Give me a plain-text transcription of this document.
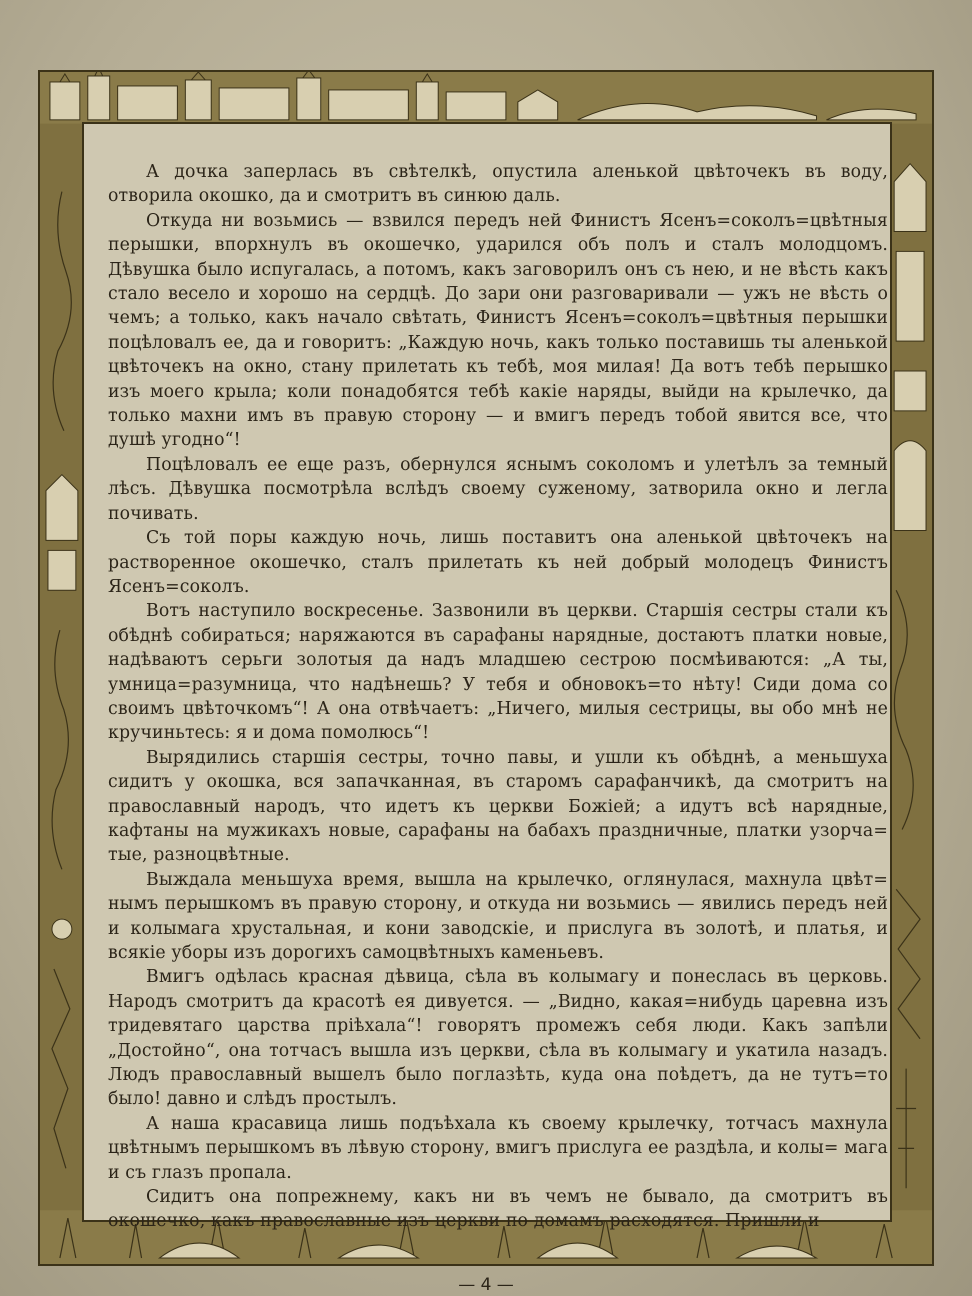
А дочка заперлась въ свѣтелкѣ, опустила аленькой цвѣточекъ въ воду, отворила окошко, да и смотритъ въ синюю даль.

Откуда ни возьмись — взвился передъ ней Финистъ Ясенъ=соколъ=цвѣтныя перышки, впорхнулъ въ окошечко, ударился объ полъ и сталъ молодцомъ. Дѣвушка было испугалась, а потомъ, какъ заговорилъ онъ съ нею, и не вѣсть какъ стало весело и хорошо на сердцѣ. До зари они разговаривали — ужъ не вѣсть о чемъ; а только, какъ начало свѣтать, Финистъ Ясенъ=соколъ=цвѣтныя перышки поцѣловалъ ее, да и говоритъ: „Каждую ночь, какъ только поставишь ты аленькой цвѣточекъ на окно, стану прилетать къ тебѣ, моя милая! Да вотъ тебѣ перышко изъ моего крыла; коли понадобятся тебѣ какіе наряды, выйди на крылечко, да только махни имъ въ правую сторону — и вмигъ передъ тобой явится все, что душѣ угодно“!

Поцѣловалъ ее еще разъ, обернулся яснымъ соколомъ и улетѣлъ за темный лѣсъ. Дѣвушка посмотрѣла вслѣдъ своему суженому, затворила окно и легла почивать.

Съ той поры каждую ночь, лишь поставитъ она аленькой цвѣточекъ на растворенное окошечко, сталъ прилетать къ ней добрый молодецъ Финистъ Ясенъ=соколъ.

Вотъ наступило воскресенье. Зазвонили въ церкви. Старшія сестры стали къ обѣднѣ собираться; наряжаются въ сарафаны нарядные, достаютъ платки новые, надѣваютъ серьги золотыя да надъ младшею сестрою посмѣиваются: „А ты, умница=разумница, что надѣнешь? У тебя и обновокъ=то нѣту! Сиди дома со своимъ цвѣточкомъ“! А она отвѣчаетъ: „Ничего, милыя сестрицы, вы обо мнѣ не кручиньтесь: я и дома помолюсь“!

Вырядились старшія сестры, точно павы, и ушли къ обѣднѣ, а меньшуха сидитъ у окошка, вся запачканная, въ старомъ сарафанчикѣ, да смотритъ на православный народъ, что идетъ къ церкви Божіей; а идутъ всѣ нарядные, кафтаны на мужикахъ новые, сарафаны на бабахъ праздничные, платки узорча= тые, разноцвѣтные.

Выждала меньшуха время, вышла на крылечко, оглянулася, махнула цвѣт= нымъ перышкомъ въ правую сторону, и откуда ни возьмись — явились передъ ней и колымага хрустальная, и кони заводскіе, и прислуга въ золотѣ, и платья, и всякіе уборы изъ дорогихъ самоцвѣтныхъ каменьевъ.

Вмигъ одѣлась красная дѣвица, сѣла въ колымагу и понеслась въ церковь. Народъ смотритъ да красотѣ ея дивуется. — „Видно, какая=нибудь царевна изъ тридевятаго царства пріѣхала“! говорятъ промежъ себя люди. Какъ запѣли „Достойно“, она тотчасъ вышла изъ церкви, сѣла въ колымагу и укатила назадъ. Людъ православный вышелъ было поглазѣть, куда она поѣдетъ, да не тутъ=то было! давно и слѣдъ простылъ.

А наша красавица лишь подъѣхала къ своему крылечку, тотчасъ махнула цвѣтнымъ перышкомъ въ лѣвую сторону, вмигъ прислуга ее раздѣла, и колы= мага и съ глазъ пропала.

Сидитъ она попрежнему, какъ ни въ чемъ не бывало, да смотритъ въ окошечко, какъ православные изъ церкви по домамъ расходятся. Пришли и

— 4 —
